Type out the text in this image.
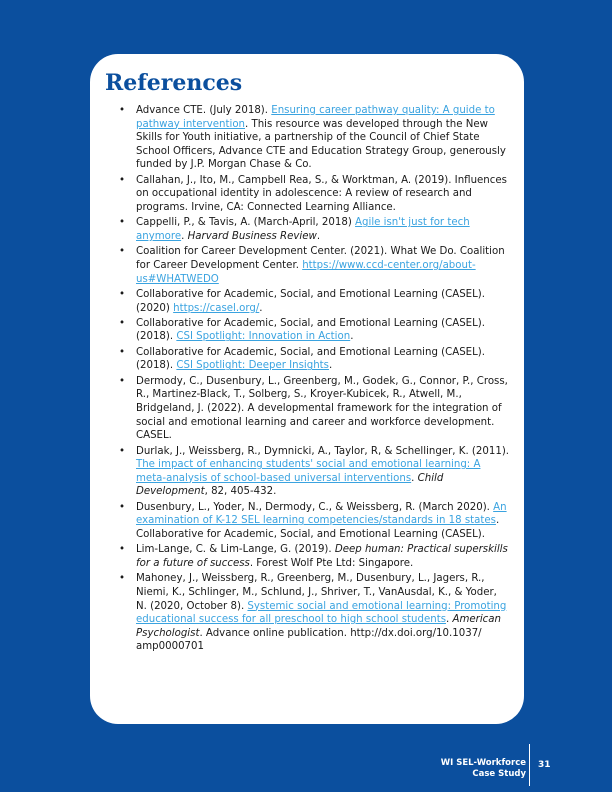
References
• Advance CTE. (July 2018). Ensuring career pathway quality: A guide to pathway intervention. This resource was developed through the New Skills for Youth initiative, a partnership of the Council of Chief State School Officers, Advance CTE and Education Strategy Group, generously funded by J.P. Morgan Chase & Co.
• Callahan, J., Ito, M., Campbell Rea, S., & Worktman, A. (2019). Influences on occupational identity in adolescence: A review of research and programs. Irvine, CA: Connected Learning Alliance.
• Cappelli, P., & Tavis, A. (March-April, 2018) Agile isn't just for tech anymore. Harvard Business Review.
• Coalition for Career Development Center. (2021). What We Do. Coalition for Career Development Center. https://www.ccd-center.org/about-us#WHATWEDO
• Collaborative for Academic, Social, and Emotional Learning (CASEL). (2020) https://casel.org/.
• Collaborative for Academic, Social, and Emotional Learning (CASEL). (2018). CSI Spotlight: Innovation in Action.
• Collaborative for Academic, Social, and Emotional Learning (CASEL). (2018). CSI Spotlight: Deeper Insights.
• Dermody, C., Dusenbury, L., Greenberg, M., Godek, G., Connor, P., Cross, R., Martinez-Black, T., Solberg, S., Kroyer-Kubicek, R., Atwell, M., Bridgeland, J. (2022). A developmental framework for the integration of social and emotional learning and career and workforce development. CASEL.
• Durlak, J., Weissberg, R., Dymnicki, A., Taylor, R, & Schellinger, K. (2011). The impact of enhancing students' social and emotional learning: A meta-analysis of school-based universal interventions. Child Development, 82, 405-432.
• Dusenbury, L., Yoder, N., Dermody, C., & Weissberg, R. (March 2020). An examination of K-12 SEL learning competencies/standards in 18 states. Collaborative for Academic, Social, and Emotional Learning (CASEL).
• Lim-Lange, C. & Lim-Lange, G. (2019). Deep human: Practical superskills for a future of success. Forest Wolf Pte Ltd: Singapore.
• Mahoney, J., Weissberg, R., Greenberg, M., Dusenbury, L., Jagers, R., Niemi, K., Schlinger, M., Schlund, J., Shriver, T., VanAusdal, K., & Yoder, N. (2020, October 8). Systemic social and emotional learning: Promoting educational success for all preschool to high school students. American Psychologist. Advance online publication. http://dx.doi.org/10.1037/ amp0000701
WI SEL-Workforce
Case Study
31
